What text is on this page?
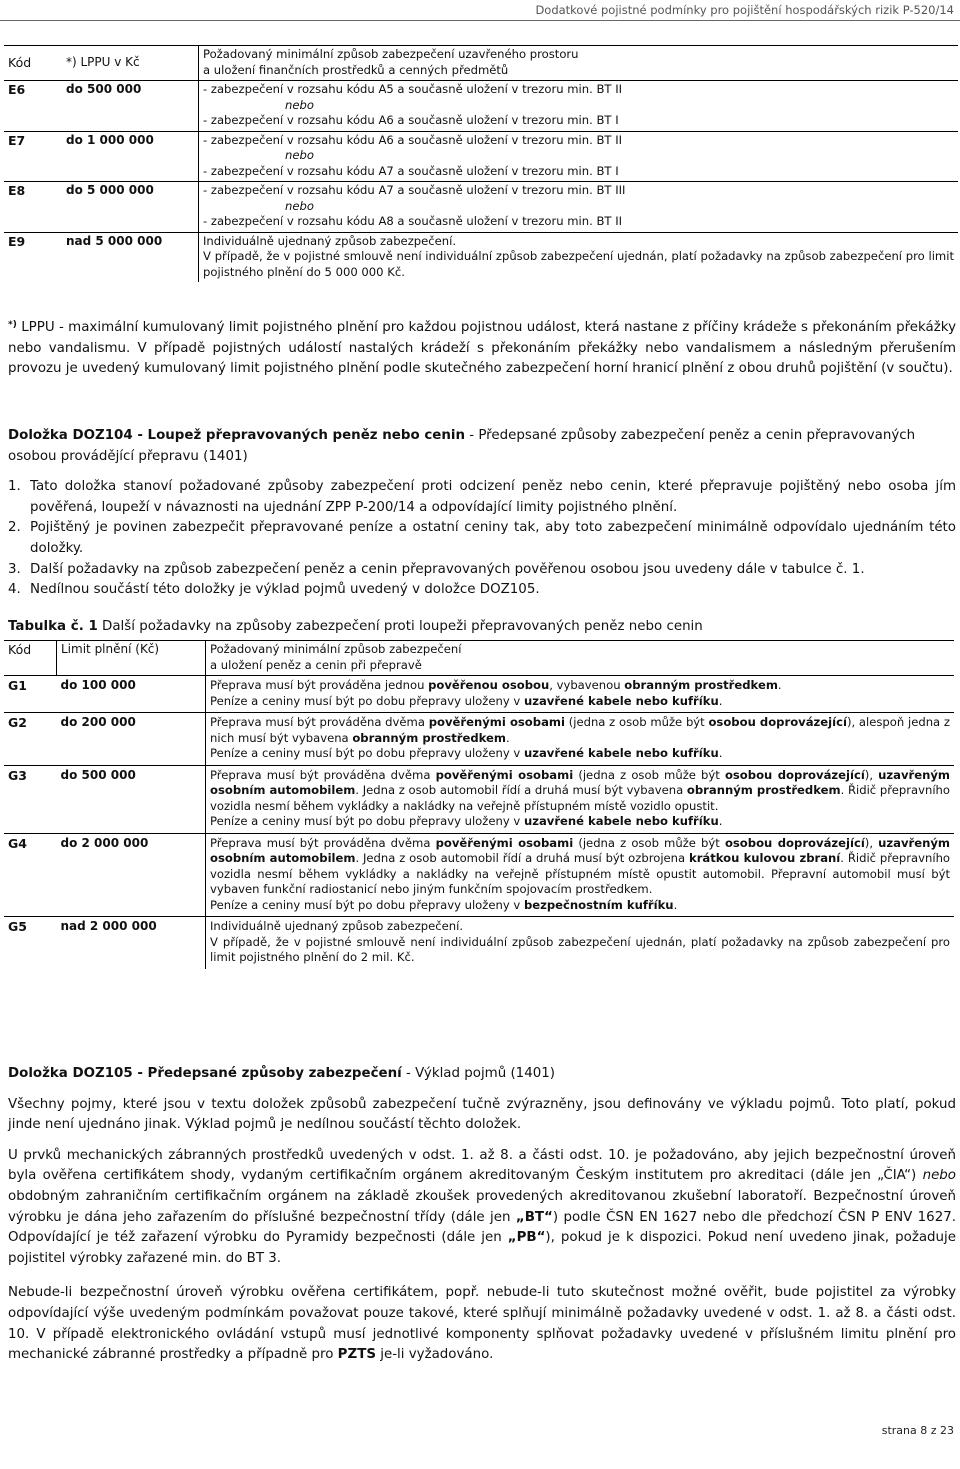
Dodatkové pojistné podmínky pro pojištění hospodářských rizik P-520/14
Kód	*) LPPU v Kč	Požadovaný minimální způsob zabezpečení uzavřeného prostoru
a uložení finančních prostředků a cenných předmětů

E6	do 500 000	- zabezpečení v rozsahu kódu A5 a současně uložení v trezoru min. BT II
nebo
- zabezpečení v rozsahu kódu A6 a současně uložení v trezoru min. BT I

E7	do 1 000 000	- zabezpečení v rozsahu kódu A6 a současně uložení v trezoru min. BT II
nebo
- zabezpečení v rozsahu kódu A7 a současně uložení v trezoru min. BT I

E8	do 5 000 000	- zabezpečení v rozsahu kódu A7 a současně uložení v trezoru min. BT III
nebo
- zabezpečení v rozsahu kódu A8 a současně uložení v trezoru min. BT II

E9	nad 5 000 000	Individuálně ujednaný způsob zabezpečení.
V případě, že v pojistné smlouvě není individuální způsob zabezpečení ujednán, platí požadavky na způsob zabezpečení pro limit pojistného plnění do 5 000 000 Kč.

*) LPPU - maximální kumulovaný limit pojistného plnění pro každou pojistnou událost, která nastane z příčiny krádeže s překonáním překážky nebo vandalismu. V případě pojistných událostí nastalých krádeží s překonáním překážky nebo vandalismem a následným přerušením provozu je uvedený kumulovaný limit pojistného plnění podle skutečného zabezpečení horní hranicí plnění z obou druhů pojištění (v součtu).

Doložka DOZ104 - Loupež přepravovaných peněz nebo cenin - Předepsané způsoby zabezpečení peněz a cenin přepravovaných osobou provádějící přepravu (1401)

1. Tato doložka stanoví požadované způsoby zabezpečení proti odcizení peněz nebo cenin, které přepravuje pojištěný nebo osoba jím pověřená, loupeží v návaznosti na ujednání ZPP P-200/14 a odpovídající limity pojistného plnění.
2. Pojištěný je povinen zabezpečit přepravované peníze a ostatní ceniny tak, aby toto zabezpečení minimálně odpovídalo ujednáním této doložky.
3. Další požadavky na způsob zabezpečení peněz a cenin přepravovaných pověřenou osobou jsou uvedeny dále v tabulce č. 1.
4. Nedílnou součástí této doložky je výklad pojmů uvedený v doložce DOZ105.

Tabulka č. 1 Další požadavky na způsoby zabezpečení proti loupeži přepravovaných peněz nebo cenin

Kód	Limit plnění (Kč)	Požadovaný minimální způsob zabezpečení
a uložení peněz a cenin při přepravě

G1	do 100 000	Přeprava musí být prováděna jednou pověřenou osobou, vybavenou obranným prostředkem.
Peníze a ceniny musí být po dobu přepravy uloženy v uzavřené kabele nebo kufříku.

G2	do 200 000	Přeprava musí být prováděna dvěma pověřenými osobami (jedna z osob může být osobou doprovázející), alespoň jedna z nich musí být vybavena obranným prostředkem.
Peníze a ceniny musí být po dobu přepravy uloženy v uzavřené kabele nebo kufříku.

G3	do 500 000	Přeprava musí být prováděna dvěma pověřenými osobami (jedna z osob může být osobou doprovázející), uzavřeným osobním automobilem. Jedna z osob automobil řídí a druhá musí být vybavena obranným prostředkem. Řidič přepravního vozidla nesmí během vykládky a nakládky na veřejně přístupném místě vozidlo opustit.
Peníze a ceniny musí být po dobu přepravy uloženy v uzavřené kabele nebo kufříku.

G4	do 2 000 000	Přeprava musí být prováděna dvěma pověřenými osobami (jedna z osob může být osobou doprovázející), uzavřeným osobním automobilem. Jedna z osob automobil řídí a druhá musí být ozbrojena krátkou kulovou zbraní. Řidič přepravního vozidla nesmí během vykládky a nakládky na veřejně přístupném místě opustit automobil. Přepravní automobil musí být vybaven funkční radiostanicí nebo jiným funkčním spojovacím prostředkem.
Peníze a ceniny musí být po dobu přepravy uloženy v bezpečnostním kufříku.

G5	nad 2 000 000	Individuálně ujednaný způsob zabezpečení.
V případě, že v pojistné smlouvě není individuální způsob zabezpečení ujednán, platí požadavky na způsob zabezpečení pro limit pojistného plnění do 2 mil. Kč.

Doložka DOZ105 - Předepsané způsoby zabezpečení - Výklad pojmů (1401)

Všechny pojmy, které jsou v textu doložek způsobů zabezpečení tučně zvýrazněny, jsou definovány ve výkladu pojmů. Toto platí, pokud jinde není ujednáno jinak. Výklad pojmů je nedílnou součástí těchto doložek.

U prvků mechanických zábranných prostředků uvedených v odst. 1. až 8. a části odst. 10. je požadováno, aby jejich bezpečnostní úroveň byla ověřena certifikátem shody, vydaným certifikačním orgánem akreditovaným Českým institutem pro akreditaci (dále jen „ČIA“) nebo obdobným zahraničním certifikačním orgánem na základě zkoušek provedených akreditovanou zkušební laboratoří. Bezpečnostní úroveň výrobku je dána jeho zařazením do příslušné bezpečnostní třídy (dále jen „BT“) podle ČSN EN 1627 nebo dle předchozí ČSN P ENV 1627. Odpovídající je též zařazení výrobku do Pyramidy bezpečnosti (dále jen „PB“), pokud je k dispozici. Pokud není uvedeno jinak, požaduje pojistitel výrobky zařazené min. do BT 3.

Nebude-li bezpečnostní úroveň výrobku ověřena certifikátem, popř. nebude-li tuto skutečnost možné ověřit, bude pojistitel za výrobky odpovídající výše uvedeným podmínkám považovat pouze takové, které splňují minimálně požadavky uvedené v odst. 1. až 8. a části odst. 10. V případě elektronického ovládání vstupů musí jednotlivé komponenty splňovat požadavky uvedené v příslušném limitu plnění pro mechanické zábranné prostředky a případně pro PZTS je-li vyžadováno.

strana 8 z 23
